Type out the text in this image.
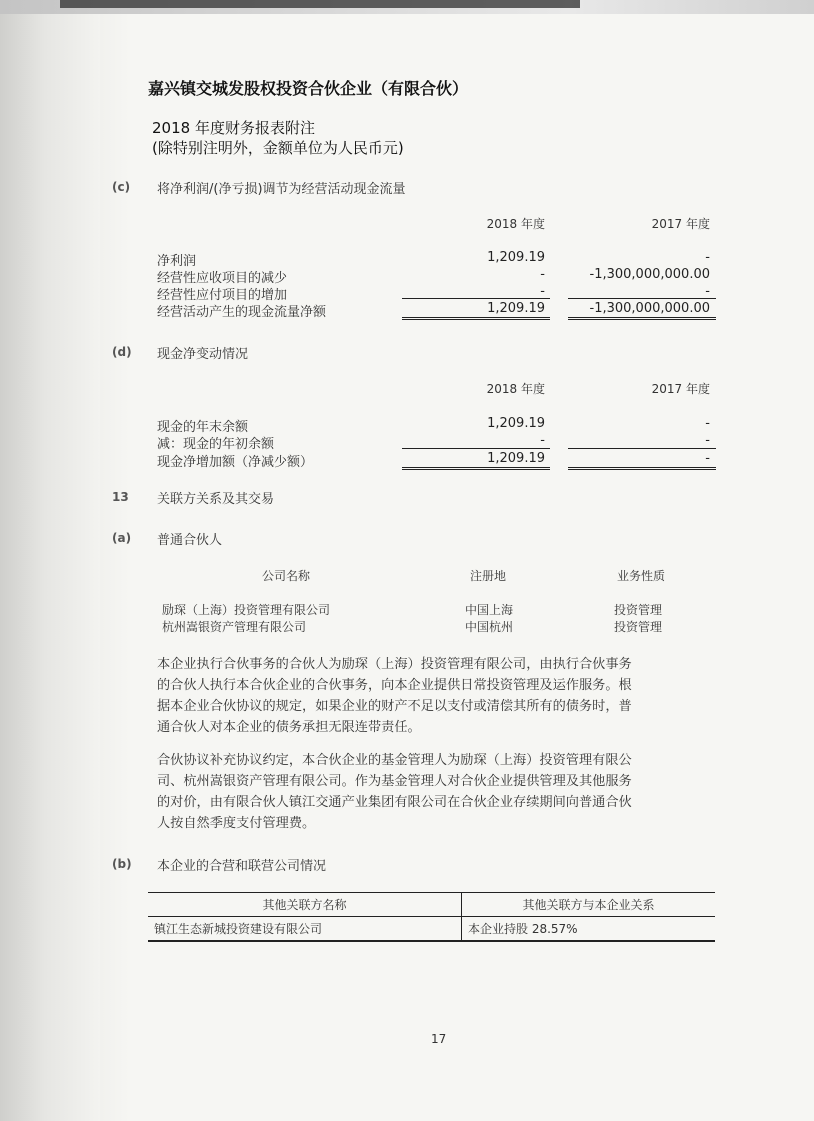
嘉兴镇交城发股权投资合伙企业（有限合伙）
2018 年度财务报表附注
(除特别注明外，金额单位为人民币元)
(c) 将净利润/(净亏损)调节为经营活动现金流量
2018 年度	2017 年度
净利润	1,209.19	-
经营性应收项目的减少	-	-1,300,000,000.00
经营性应付项目的增加	-	-
经营活动产生的现金流量净额	1,209.19	-1,300,000,000.00
(d) 现金净变动情况
2018 年度	2017 年度
现金的年末余额	1,209.19	-
减：现金的年初余额	-	-
现金净增加额（净减少额）	1,209.19	-
13 关联方关系及其交易
(a) 普通合伙人
公司名称	注册地	业务性质
励琛（上海）投资管理有限公司	中国上海	投资管理
杭州嵩银资产管理有限公司	中国杭州	投资管理
本企业执行合伙事务的合伙人为励琛（上海）投资管理有限公司，由执行合伙事务
的合伙人执行本合伙企业的合伙事务，向本企业提供日常投资管理及运作服务。根
据本企业合伙协议的规定，如果企业的财产不足以支付或清偿其所有的债务时，普
通合伙人对本企业的债务承担无限连带责任。
合伙协议补充协议约定，本合伙企业的基金管理人为励琛（上海）投资管理有限公
司、杭州嵩银资产管理有限公司。作为基金管理人对合伙企业提供管理及其他服务
的对价，由有限合伙人镇江交通产业集团有限公司在合伙企业存续期间向普通合伙
人按自然季度支付管理费。
(b) 本企业的合营和联营公司情况
其他关联方名称	其他关联方与本企业关系
镇江生态新城投资建设有限公司	本企业持股 28.57%
17
